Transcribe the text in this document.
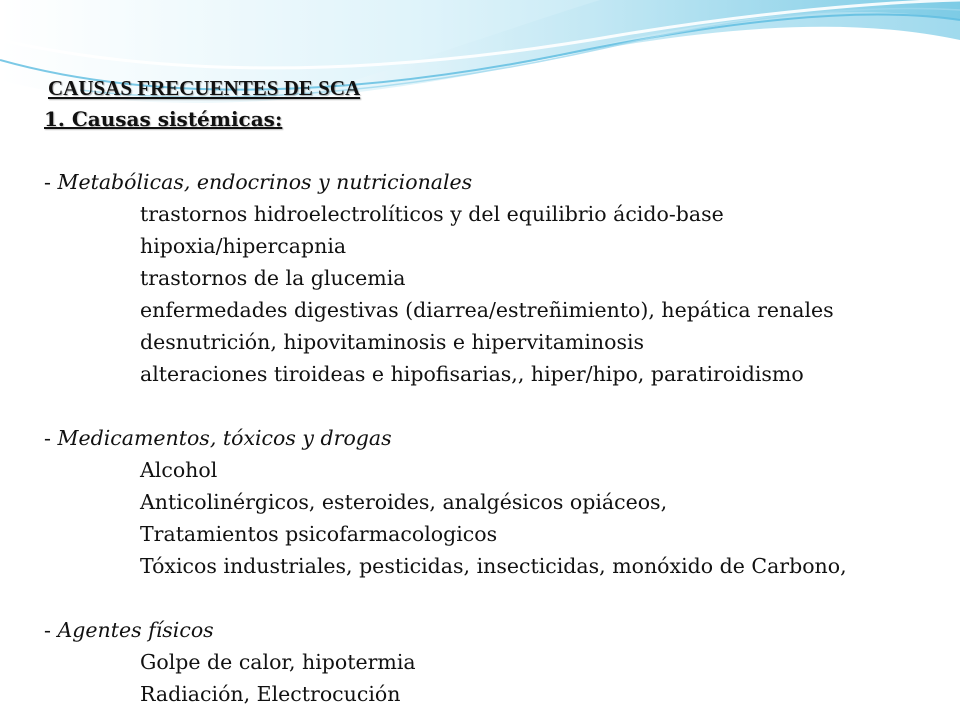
CAUSAS FRECUENTES DE SCA
1. Causas sistémicas:
- Metabólicas, endocrinos y nutricionales
trastornos hidroelectrolíticos y del equilibrio ácido-base
hipoxia/hipercapnia
trastornos de la glucemia
enfermedades digestivas (diarrea/estreñimiento), hepática renales
desnutrición, hipovitaminosis e hipervitaminosis
alteraciones tiroideas e hipofisarias,, hiper/hipo, paratiroidismo
- Medicamentos, tóxicos y drogas
Alcohol
Anticolinérgicos, esteroides, analgésicos opiáceos,
Tratamientos psicofarmacologicos
Tóxicos industriales, pesticidas, insecticidas, monóxido de Carbono,
- Agentes físicos
Golpe de calor, hipotermia
Radiación, Electrocución
